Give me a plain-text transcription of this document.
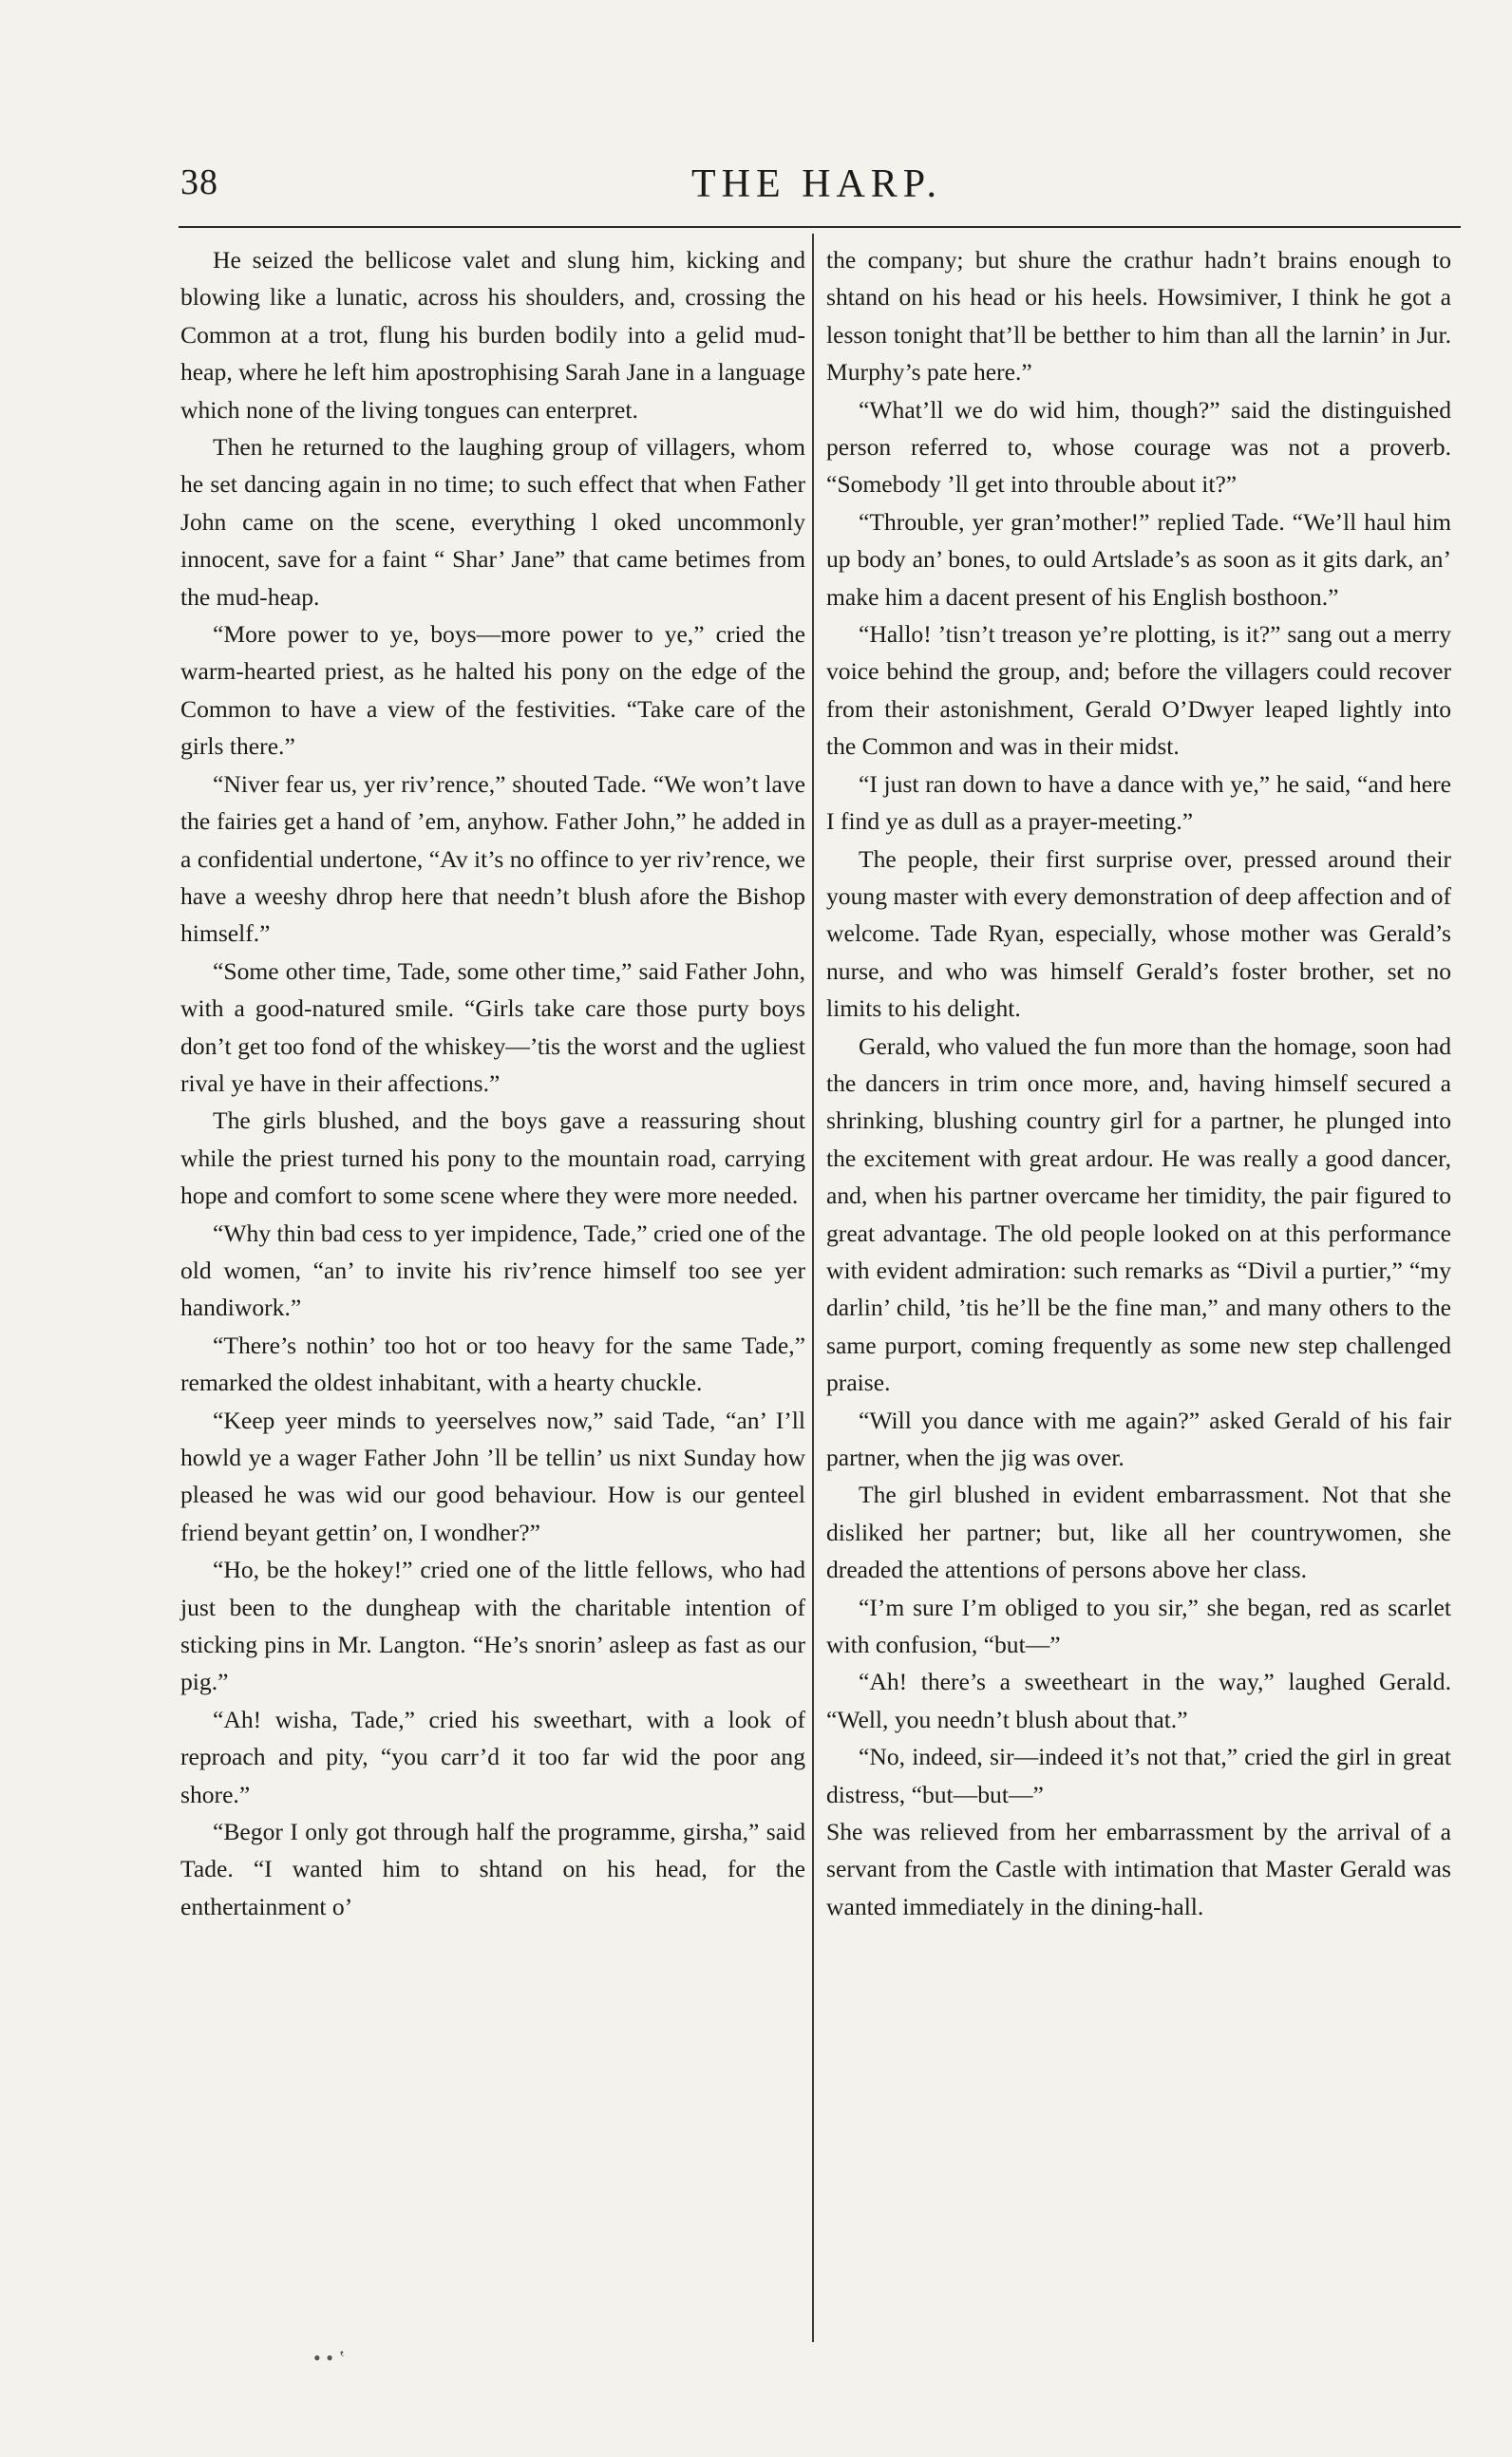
38	THE HARP.

He seized the bellicose valet and slung him, kicking and blowing like a lunatic, across his shoulders, and, crossing the Common at a trot, flung his burden bodily into a gelid mud-heap, where he left him apostrophising Sarah Jane in a language which none of the living tongues can enterpret.

Then he returned to the laughing group of villagers, whom he set dancing again in no time; to such effect that when Father John came on the scene, everything l oked uncommonly innocent, save for a faint “ Shar’ Jane” that came betimes from the mud-heap.

“More power to ye, boys—more power to ye,” cried the warm-hearted priest, as he halted his pony on the edge of the Common to have a view of the festivities. “Take care of the girls there.”

“Niver fear us, yer riv’rence,” shouted Tade. “We won’t lave the fairies get a hand of ’em, anyhow. Father John,” he added in a confidential undertone, “Av it’s no offince to yer riv’rence, we have a weeshy dhrop here that needn’t blush afore the Bishop himself.”

“Some other time, Tade, some other time,” said Father John, with a good-natured smile. “Girls take care those purty boys don’t get too fond of the whiskey—’tis the worst and the ugliest rival ye have in their affections.”

The girls blushed, and the boys gave a reassuring shout while the priest turned his pony to the mountain road, carrying hope and comfort to some scene where they were more needed.

“Why thin bad cess to yer impidence, Tade,” cried one of the old women, “an’ to invite his riv’rence himself too see yer handiwork.”

“There’s nothin’ too hot or too heavy for the same Tade,” remarked the oldest inhabitant, with a hearty chuckle.

“Keep yeer minds to yeerselves now,” said Tade, “an’ I’ll howld ye a wager Father John ’ll be tellin’ us nixt Sunday how pleased he was wid our good behaviour. How is our genteel friend beyant gettin’ on, I wondher?”

“Ho, be the hokey!” cried one of the little fellows, who had just been to the dungheap with the charitable intention of sticking pins in Mr. Langton. “He’s snorin’ asleep as fast as our pig.”

“Ah! wisha, Tade,” cried his sweethart, with a look of reproach and pity, “you carr’d it too far wid the poor ang shore.”

“Begor I only got through half the programme, girsha,” said Tade. “I wanted him to shtand on his head, for the enthertainment o’

the company; but shure the crathur hadn’t brains enough to shtand on his head or his heels. Howsimiver, I think he got a lesson tonight that’ll be betther to him than all the larnin’ in Jur. Murphy’s pate here.”

“What’ll we do wid him, though?” said the distinguished person referred to, whose courage was not a proverb. “Somebody ’ll get into throuble about it?”

“Throuble, yer gran’mother!” replied Tade. “We’ll haul him up body an’ bones, to ould Artslade’s as soon as it gits dark, an’ make him a dacent present of his English bosthoon.”

“Hallo! ’tisn’t treason ye’re plotting, is it?” sang out a merry voice behind the group, and; before the villagers could recover from their astonishment, Gerald O’Dwyer leaped lightly into the Common and was in their midst.

“I just ran down to have a dance with ye,” he said, “and here I find ye as dull as a prayer-meeting.”

The people, their first surprise over, pressed around their young master with every demonstration of deep affection and of welcome. Tade Ryan, especially, whose mother was Gerald’s nurse, and who was himself Gerald’s foster brother, set no limits to his delight.

Gerald, who valued the fun more than the homage, soon had the dancers in trim once more, and, having himself secured a shrinking, blushing country girl for a partner, he plunged into the excitement with great ardour. He was really a good dancer, and, when his partner overcame her timidity, the pair figured to great advantage. The old people looked on at this performance with evident admiration: such remarks as “Divil a purtier,” “my darlin’ child, ’tis he’ll be the fine man,” and many others to the same purport, coming frequently as some new step challenged praise.

“Will you dance with me again?” asked Gerald of his fair partner, when the jig was over.

The girl blushed in evident embarrassment. Not that she disliked her partner; but, like all her countrywomen, she dreaded the attentions of persons above her class.

“I’m sure I’m obliged to you sir,” she began, red as scarlet with confusion, “but—”

“Ah! there’s a sweetheart in the way,” laughed Gerald. “Well, you needn’t blush about that.”

“No, indeed, sir—indeed it’s not that,” cried the girl in great distress, “but—but—”

She was relieved from her embarrassment by the arrival of a servant from the Castle with intimation that Master Gerald was wanted immediately in the dining-hall.

• • ‛
